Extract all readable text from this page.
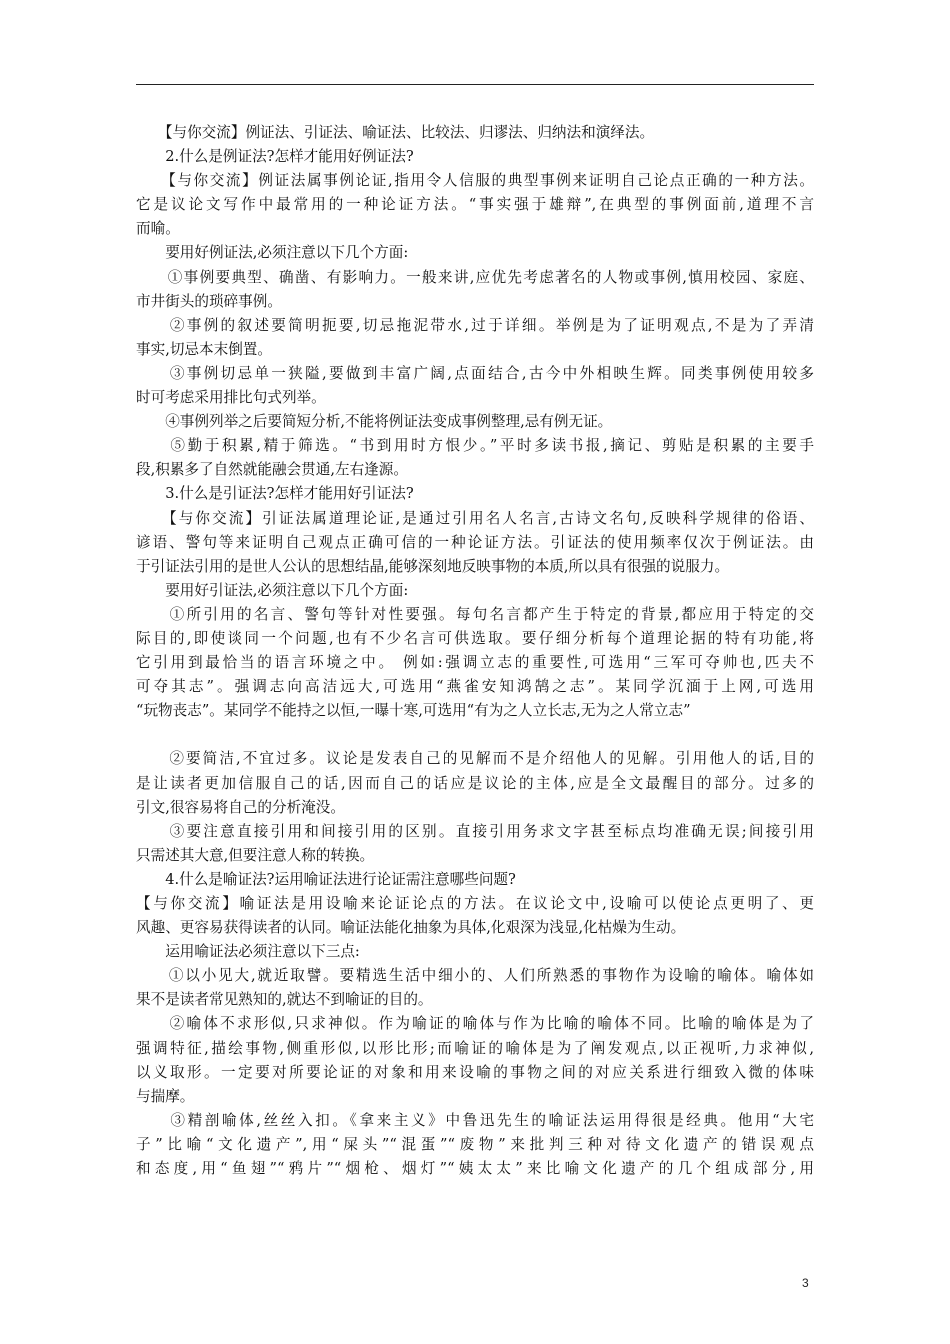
　　【与你交流】例证法、引证法、喻证法、比较法、归谬法、归纳法和演绎法。
　　2.什么是例证法?怎样才能用好例证法?
　　【与你交流】例证法属事例论证,指用令人信服的典型事例来证明自己论点正确的一种方法。
它是议论文写作中最常用的一种论证方法。“事实强于雄辩”,在典型的事例面前,道理不言
而喻。
　　要用好例证法,必须注意以下几个方面:
　　①事例要典型、确凿、有影响力。一般来讲,应优先考虑著名的人物或事例,慎用校园、家庭、
市井街头的琐碎事例。
　　②事例的叙述要简明扼要,切忌拖泥带水,过于详细。举例是为了证明观点,不是为了弄清
事实,切忌本末倒置。
　　③事例切忌单一狭隘,要做到丰富广阔,点面结合,古今中外相映生辉。同类事例使用较多
时可考虑采用排比句式列举。
　　④事例列举之后要简短分析,不能将例证法变成事例整理,忌有例无证。
　　⑤勤于积累,精于筛选。“书到用时方恨少。”平时多读书报,摘记、剪贴是积累的主要手
段,积累多了自然就能融会贯通,左右逢源。
　　3.什么是引证法?怎样才能用好引证法?
　　【与你交流】引证法属道理论证,是通过引用名人名言,古诗文名句,反映科学规律的俗语、
谚语、警句等来证明自己观点正确可信的一种论证方法。引证法的使用频率仅次于例证法。由
于引证法引用的是世人公认的思想结晶,能够深刻地反映事物的本质,所以具有很强的说服力。
　　要用好引证法,必须注意以下几个方面:
　　①所引用的名言、警句等针对性要强。每句名言都产生于特定的背景,都应用于特定的交
际目的,即使谈同一个问题,也有不少名言可供选取。要仔细分析每个道理论据的特有功能,将
它引用到最恰当的语言环境之中。 例如:强调立志的重要性,可选用“三军可夺帅也,匹夫不
可夺其志”。强调志向高洁远大,可选用“燕雀安知鸿鹄之志”。某同学沉湎于上网,可选用
“玩物丧志”。某同学不能持之以恒,一曝十寒,可选用“有为之人立长志,无为之人常立志”
　　②要简洁,不宜过多。议论是发表自己的见解而不是介绍他人的见解。引用他人的话,目的
是让读者更加信服自己的话,因而自己的话应是议论的主体,应是全文最醒目的部分。过多的
引文,很容易将自己的分析淹没。
　　③要注意直接引用和间接引用的区别。直接引用务求文字甚至标点均准确无误;间接引用
只需述其大意,但要注意人称的转换。
　　4.什么是喻证法?运用喻证法进行论证需注意哪些问题?
【与你交流】喻证法是用设喻来论证论点的方法。在议论文中,设喻可以使论点更明了、更
风趣、更容易获得读者的认同。喻证法能化抽象为具体,化艰深为浅显,化枯燥为生动。
　　运用喻证法必须注意以下三点:
　　①以小见大,就近取譬。要精选生活中细小的、人们所熟悉的事物作为设喻的喻体。喻体如
果不是读者常见熟知的,就达不到喻证的目的。
　　②喻体不求形似,只求神似。作为喻证的喻体与作为比喻的喻体不同。比喻的喻体是为了
强调特征,描绘事物,侧重形似,以形比形;而喻证的喻体是为了阐发观点,以正视听,力求神似,
以义取形。一定要对所要论证的对象和用来设喻的事物之间的对应关系进行细致入微的体味
与揣摩。
　　③精剖喻体,丝丝入扣。《拿来主义》中鲁迅先生的喻证法运用得很是经典。他用“大宅
子”比喻“文化遗产”,用“屎头”“混蛋”“废物”来批判三种对待文化遗产的错误观点
和态度,用“鱼翅”“鸦片”“烟枪、烟灯”“姨太太”来比喻文化遗产的几个组成部分,用
3
